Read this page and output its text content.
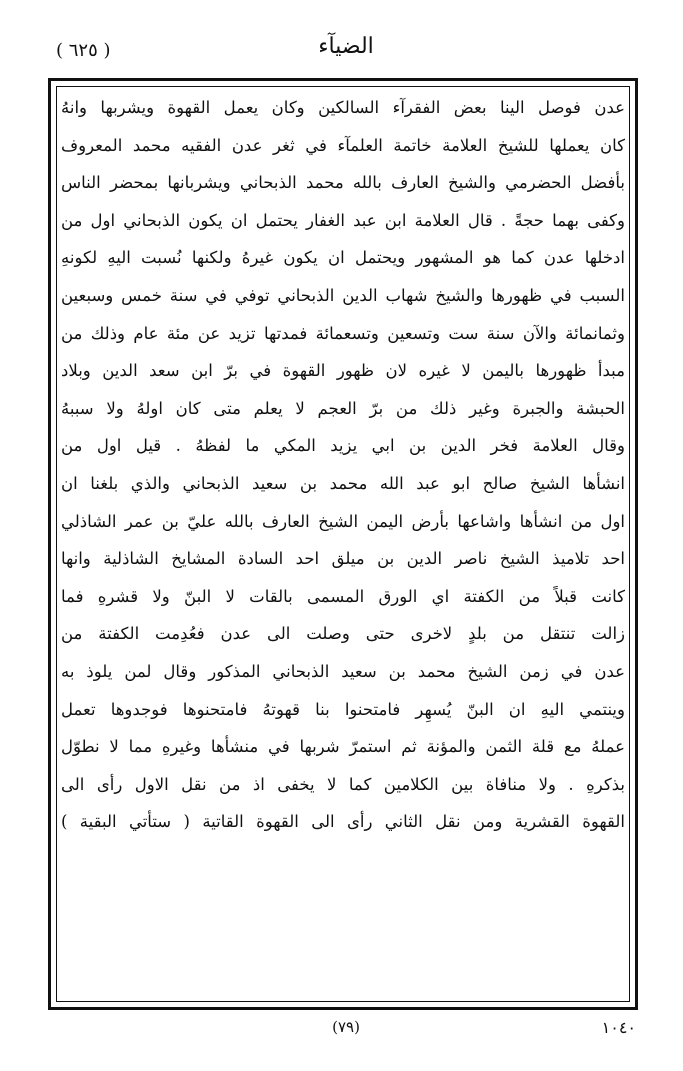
( ٦٢٥ )	الضيآء
عدن فوصل الينا بعض الفقرآء السالكين وكان يعمل القهوة ويشربها وانهُ
كان يعملها للشيخ العلامة خاتمة العلمآء في ثغر عدن الفقيه محمد المعروف
بأفضل الحضرمي والشيخ العارف بالله محمد الذبحاني ويشربانها بمحضر الناس
وكفى بهما حجةً . قال العلامة ابن عبد الغفار يحتمل ان يكون الذبحاني اول من
ادخلها عدن كما هو المشهور ويحتمل ان يكون غيرهُ ولكنها نُسبت اليهِ لكونهِ
السبب في ظهورها والشيخ شهاب الدين الذبحاني توفي في سنة خمس وسبعين
وثمانمائة والآن سنة ست وتسعين وتسعمائة فمدتها تزيد عن مئة عام وذلك من
مبدأ ظهورها باليمن لا غيره لان ظهور القهوة في برّ ابن سعد الدين وبلاد
الحبشة والجبرة وغير ذلك من برّ العجم لا يعلم متى كان اولهُ ولا سببهُ
وقال العلامة فخر الدين بن ابي يزيد المكي ما لفظهُ . قيل اول من
انشأها الشيخ صالح ابو عبد الله محمد بن سعيد الذبحاني والذي بلغنا ان
اول من انشأها واشاعها بأرض اليمن الشيخ العارف بالله عليّ بن عمر الشاذلي
احد تلاميذ الشيخ ناصر الدين بن ميلق احد السادة المشايخ الشاذلية وانها
كانت قبلاً من الكفتة اي الورق المسمى بالقات لا البنّ ولا قشرهِ فما
زالت تنتقل من بلدٍ لاخرى حتى وصلت الى عدن فعُدِمت الكفتة من
عدن في زمن الشيخ محمد بن سعيد الذبحاني المذكور وقال لمن يلوذ به
وينتمي اليهِ ان البنّ يُسهِر فامتحنوا بنا قهوتهُ فامتحنوها فوجدوها تعمل
عملهُ مع قلة الثمن والمؤنة ثم استمرّ شربها في منشأها وغيرهِ مما لا نطوّل
بذكرهِ . ولا منافاة بين الكلامين كما لا يخفى اذ من نقل الاول رأى الى
القهوة القشرية ومن نقل الثاني رأى الى القهوة القاتية ( ستأتي البقية )
(٧٩)	١٠٤٠
